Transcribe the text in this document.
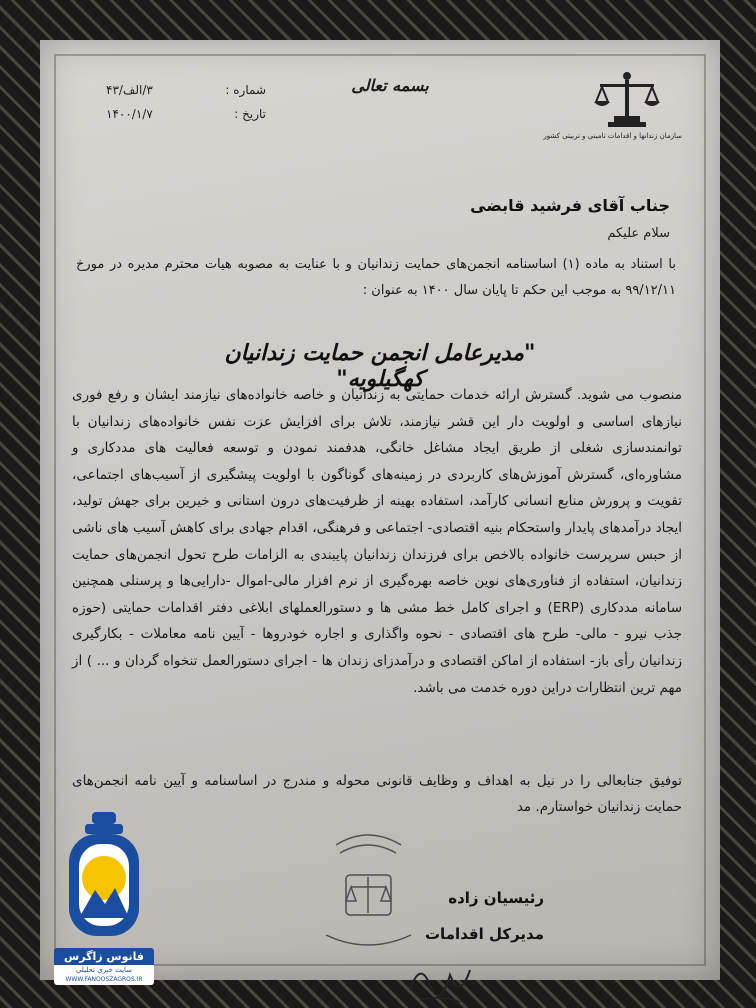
سازمان زندانها و اقدامات تامینی و تربیتی کشور
بسمه تعالی
شماره :
۳/الف/۴۳
تاریخ :
۱۴۰۰/۱/۷
جناب آقای فرشید قابضی
سلام علیکم
با استناد به ماده (۱) اساسنامه انجمن‌های حمایت زندانیان و با عنایت به مصوبه هیات محترم مدیره در مورخ ۹۹/۱۲/۱۱ به موجب این حکم تا پایان سال ۱۴۰۰ به عنوان :
"مدیرعامل انجمن حمایت زندانیان کهگیلویه"
منصوب می شوید. گسترش ارائه خدمات حمایتی به زندانیان و خاصه خانواده‌های نیازمند ایشان و رفع فوری نیازهای اساسی و اولویت دار این قشر نیازمند، تلاش برای افزایش عزت نفس خانواده‌های زندانیان با توانمندسازی شغلی از طریق ایجاد مشاغل خانگی، هدفمند نمودن و توسعه فعالیت های مددکاری و مشاوره‌ای، گسترش آموزش‌های کاربردی در زمینه‌های گوناگون با اولویت پیشگیری از آسیب‌های اجتماعی، تقویت و پرورش منابع انسانی کارآمد، استفاده بهینه از ظرفیت‌های درون استانی و خیرین برای جهش تولید، ایجاد درآمدهای پایدار واستحکام بنیه اقتصادی- اجتماعی و فرهنگی، اقدام جهادی برای کاهش آسیب های ناشی از حبس سرپرست خانواده بالاخص برای فرزندان زندانیان پایبندی به الزامات طرح تحول انجمن‌های حمایت زندانیان، استفاده از فناوری‌های نوین خاصه بهره‌گیری از نرم افزار مالی-اموال -دارایی‌ها و پرسنلی همچنین سامانه مددکاری (ERP) و اجرای کامل خط مشی ها و دستورالعملهای ابلاغی دفتر اقدامات حمایتی (حوزه جذب نیرو - مالی- طرح های اقتصادی - نحوه واگذاری و اجاره خودروها - آیین نامه معاملات - بکارگیری زندانیان رأی باز- استفاده از اماکن اقتصادی و درآمدزای زندان ها - اجرای دستورالعمل تنخواه گردان و ... ) از مهم ترین انتظارات دراین دوره خدمت می باشد.
توفیق جنابعالی را در نیل به اهداف و وظایف قانونی محوله و مندرج در اساسنامه و آیین نامه انجمن‌های حمایت زندانیان خواستارم. مد
رئیسیان زاده
مدیرکل اقدامات
فانوس زاگرس
سایت خبری تحلیلی
WWW.FANOOSZAGROS.IR
